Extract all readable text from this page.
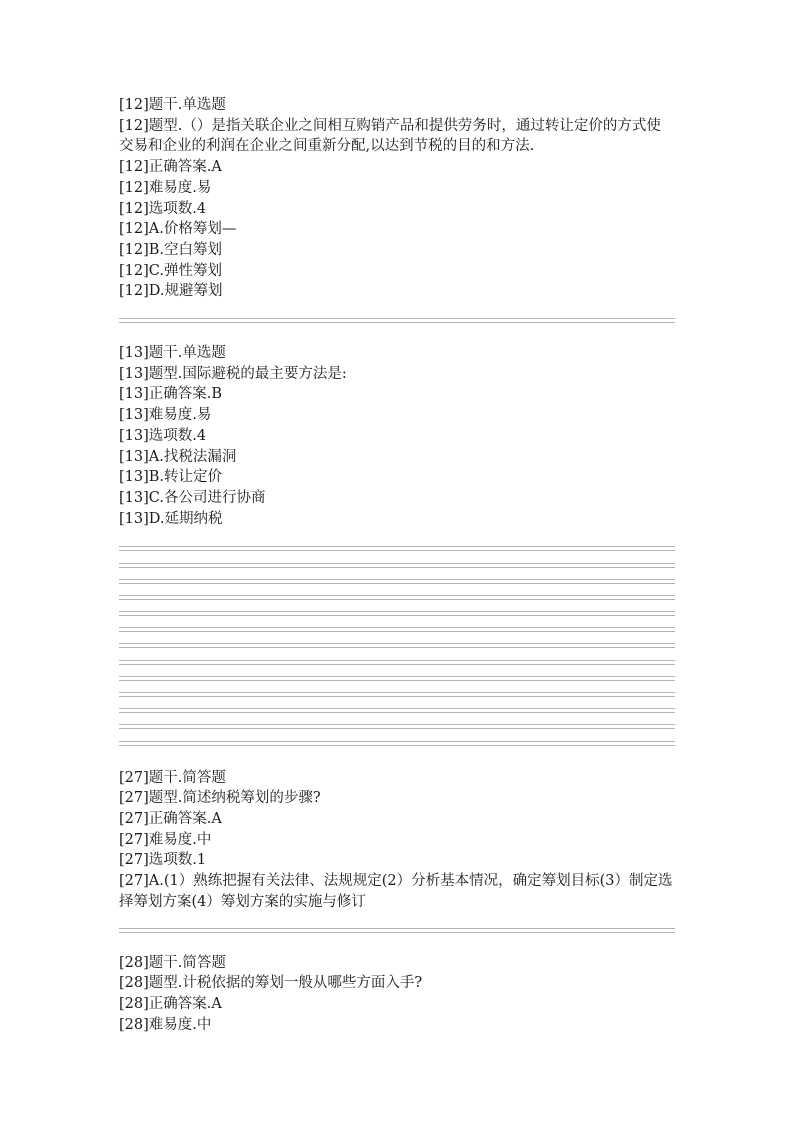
[12]题干.单选题
[12]题型.（）是指关联企业之间相互购销产品和提供劳务时，通过转让定价的方式使交易和企业的利润在企业之间重新分配,以达到节税的目的和方法.
[12]正确答案.A
[12]难易度.易
[12]选项数.4
[12]A.价格筹划—
[12]B.空白筹划
[12]C.弹性筹划
[12]D.规避筹划
[13]题干.单选题
[13]题型.国际避税的最主要方法是:
[13]正确答案.B
[13]难易度.易
[13]选项数.4
[13]A.找税法漏洞
[13]B.转让定价
[13]C.各公司进行协商
[13]D.延期纳税
[27]题干.简答题
[27]题型.简述纳税筹划的步骤?
[27]正确答案.A
[27]难易度.中
[27]选项数.1
[27]A.(1）熟练把握有关法律、法规规定(2）分析基本情况，确定筹划目标(3）制定选择筹划方案(4）筹划方案的实施与修订
[28]题干.简答题
[28]题型.计税依据的筹划一般从哪些方面入手?
[28]正确答案.A
[28]难易度.中
